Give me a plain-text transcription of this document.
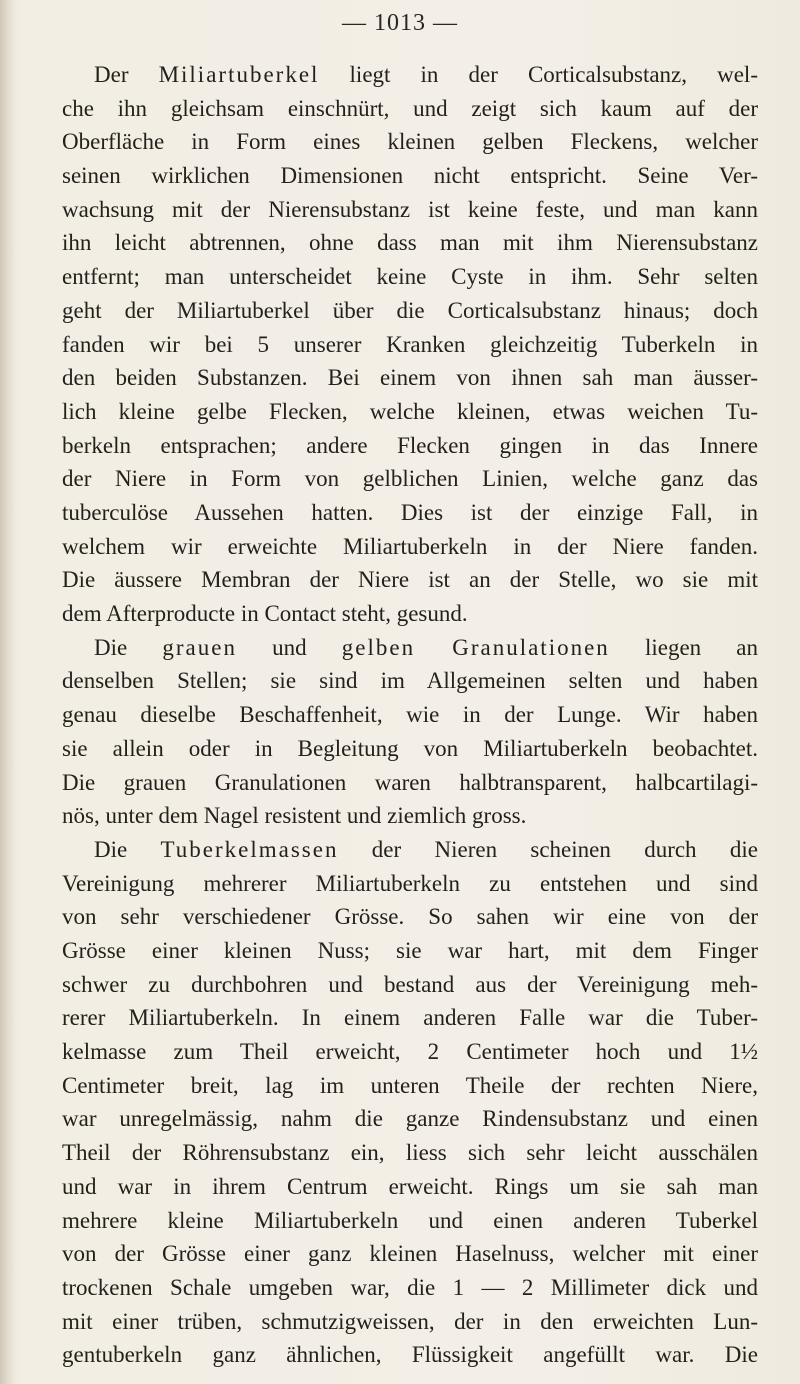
— 1013 —
Der Miliartuberkel liegt in der Corticalsubstanz, wel-
che ihn gleichsam einschnürt, und zeigt sich kaum auf der
Oberfläche in Form eines kleinen gelben Fleckens, welcher
seinen wirklichen Dimensionen nicht entspricht. Seine Ver-
wachsung mit der Nierensubstanz ist keine feste, und man kann
ihn leicht abtrennen, ohne dass man mit ihm Nierensubstanz
entfernt; man unterscheidet keine Cyste in ihm. Sehr selten
geht der Miliartuberkel über die Corticalsubstanz hinaus; doch
fanden wir bei 5 unserer Kranken gleichzeitig Tuberkeln in
den beiden Substanzen. Bei einem von ihnen sah man äusser-
lich kleine gelbe Flecken, welche kleinen, etwas weichen Tu-
berkeln entsprachen; andere Flecken gingen in das Innere
der Niere in Form von gelblichen Linien, welche ganz das
tuberculöse Aussehen hatten. Dies ist der einzige Fall, in
welchem wir erweichte Miliartuberkeln in der Niere fanden.
Die äussere Membran der Niere ist an der Stelle, wo sie mit
dem Afterproducte in Contact steht, gesund.
Die grauen und gelben Granulationen liegen an
denselben Stellen; sie sind im Allgemeinen selten und haben
genau dieselbe Beschaffenheit, wie in der Lunge. Wir haben
sie allein oder in Begleitung von Miliartuberkeln beobachtet.
Die grauen Granulationen waren halbtransparent, halbcartilagi-
nös, unter dem Nagel resistent und ziemlich gross.
Die Tuberkelmassen der Nieren scheinen durch die
Vereinigung mehrerer Miliartuberkeln zu entstehen und sind
von sehr verschiedener Grösse. So sahen wir eine von der
Grösse einer kleinen Nuss; sie war hart, mit dem Finger
schwer zu durchbohren und bestand aus der Vereinigung meh-
rerer Miliartuberkeln. In einem anderen Falle war die Tuber-
kelmasse zum Theil erweicht, 2 Centimeter hoch und 1½
Centimeter breit, lag im unteren Theile der rechten Niere,
war unregelmässig, nahm die ganze Rindensubstanz und einen
Theil der Röhrensubstanz ein, liess sich sehr leicht ausschälen
und war in ihrem Centrum erweicht. Rings um sie sah man
mehrere kleine Miliartuberkeln und einen anderen Tuberkel
von der Grösse einer ganz kleinen Haselnuss, welcher mit einer
trockenen Schale umgeben war, die 1 — 2 Millimeter dick und
mit einer trüben, schmutzigweissen, der in den erweichten Lun-
gentuberkeln ganz ähnlichen, Flüssigkeit angefüllt war. Die
